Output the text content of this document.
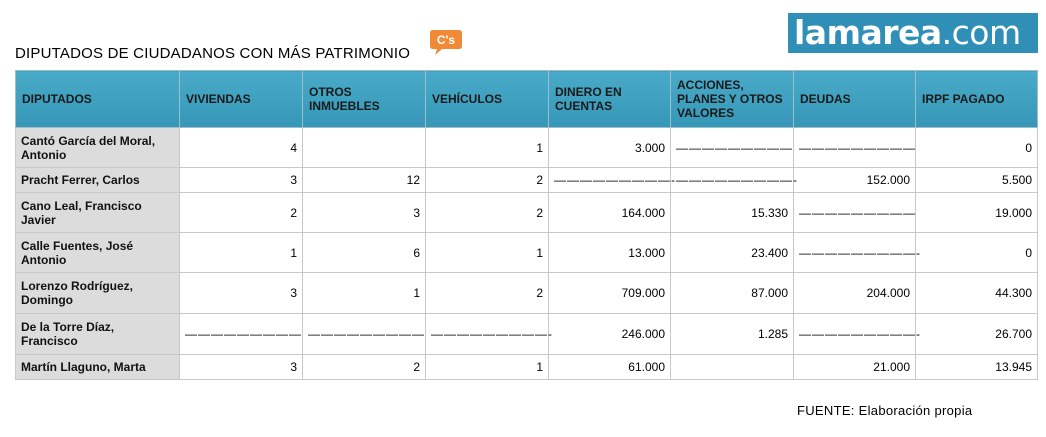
DIPUTADOS DE CIUDADANOS CON MÁS PATRIMONIO
C's	lamarea.com
DIPUTADOS	VIVIENDAS	OTROS INMUEBLES	VEHÍCULOS	DINERO EN CUENTAS	ACCIONES, PLANES Y OTROS VALORES	DEUDAS	IRPF PAGADO
Cantó García del Moral, Antonio	4		1	3.000	—————————	—————————	0
Pracht Ferrer, Carlos	3	12	2	—————————-	—————————-	152.000	5.500
Cano Leal, Francisco Javier	2	3	2	164.000	15.330	—————————	19.000
Calle Fuentes, José Antonio	1	6	1	13.000	23.400	—————————-	0
Lorenzo Rodríguez, Domingo	3	1	2	709.000	87.000	204.000	44.300
De la Torre Díaz, Francisco	—————————	—————————	—————————-	246.000	1.285	—————————-	26.700
Martín Llaguno, Marta	3	2	1	61.000		21.000	13.945
FUENTE: Elaboración propia
